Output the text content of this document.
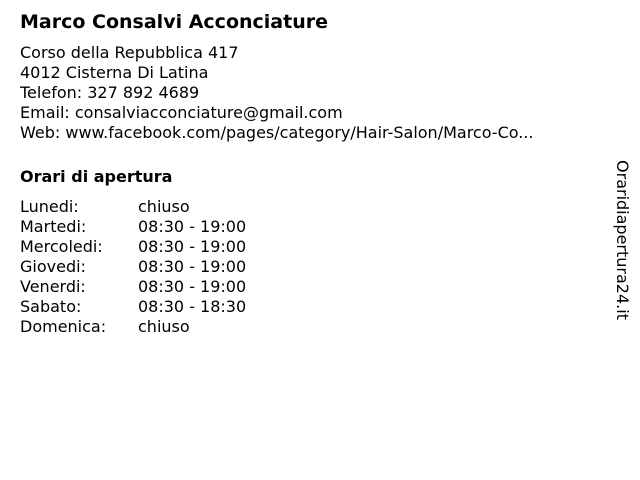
Marco Consalvi Acconciature
Corso della Repubblica 417
4012 Cisterna Di Latina
Telefon: 327 892 4689
Email: consalviacconciature@gmail.com
Web: www.facebook.com/pages/category/Hair-Salon/Marco-Co...
Orari di apertura
Lunedi:	chiuso
Martedi:	08:30 - 19:00
Mercoledi:	08:30 - 19:00
Giovedi:	08:30 - 19:00
Venerdi:	08:30 - 19:00
Sabato:	08:30 - 18:30
Domenica:	chiuso
Oraridiapertura24.it
